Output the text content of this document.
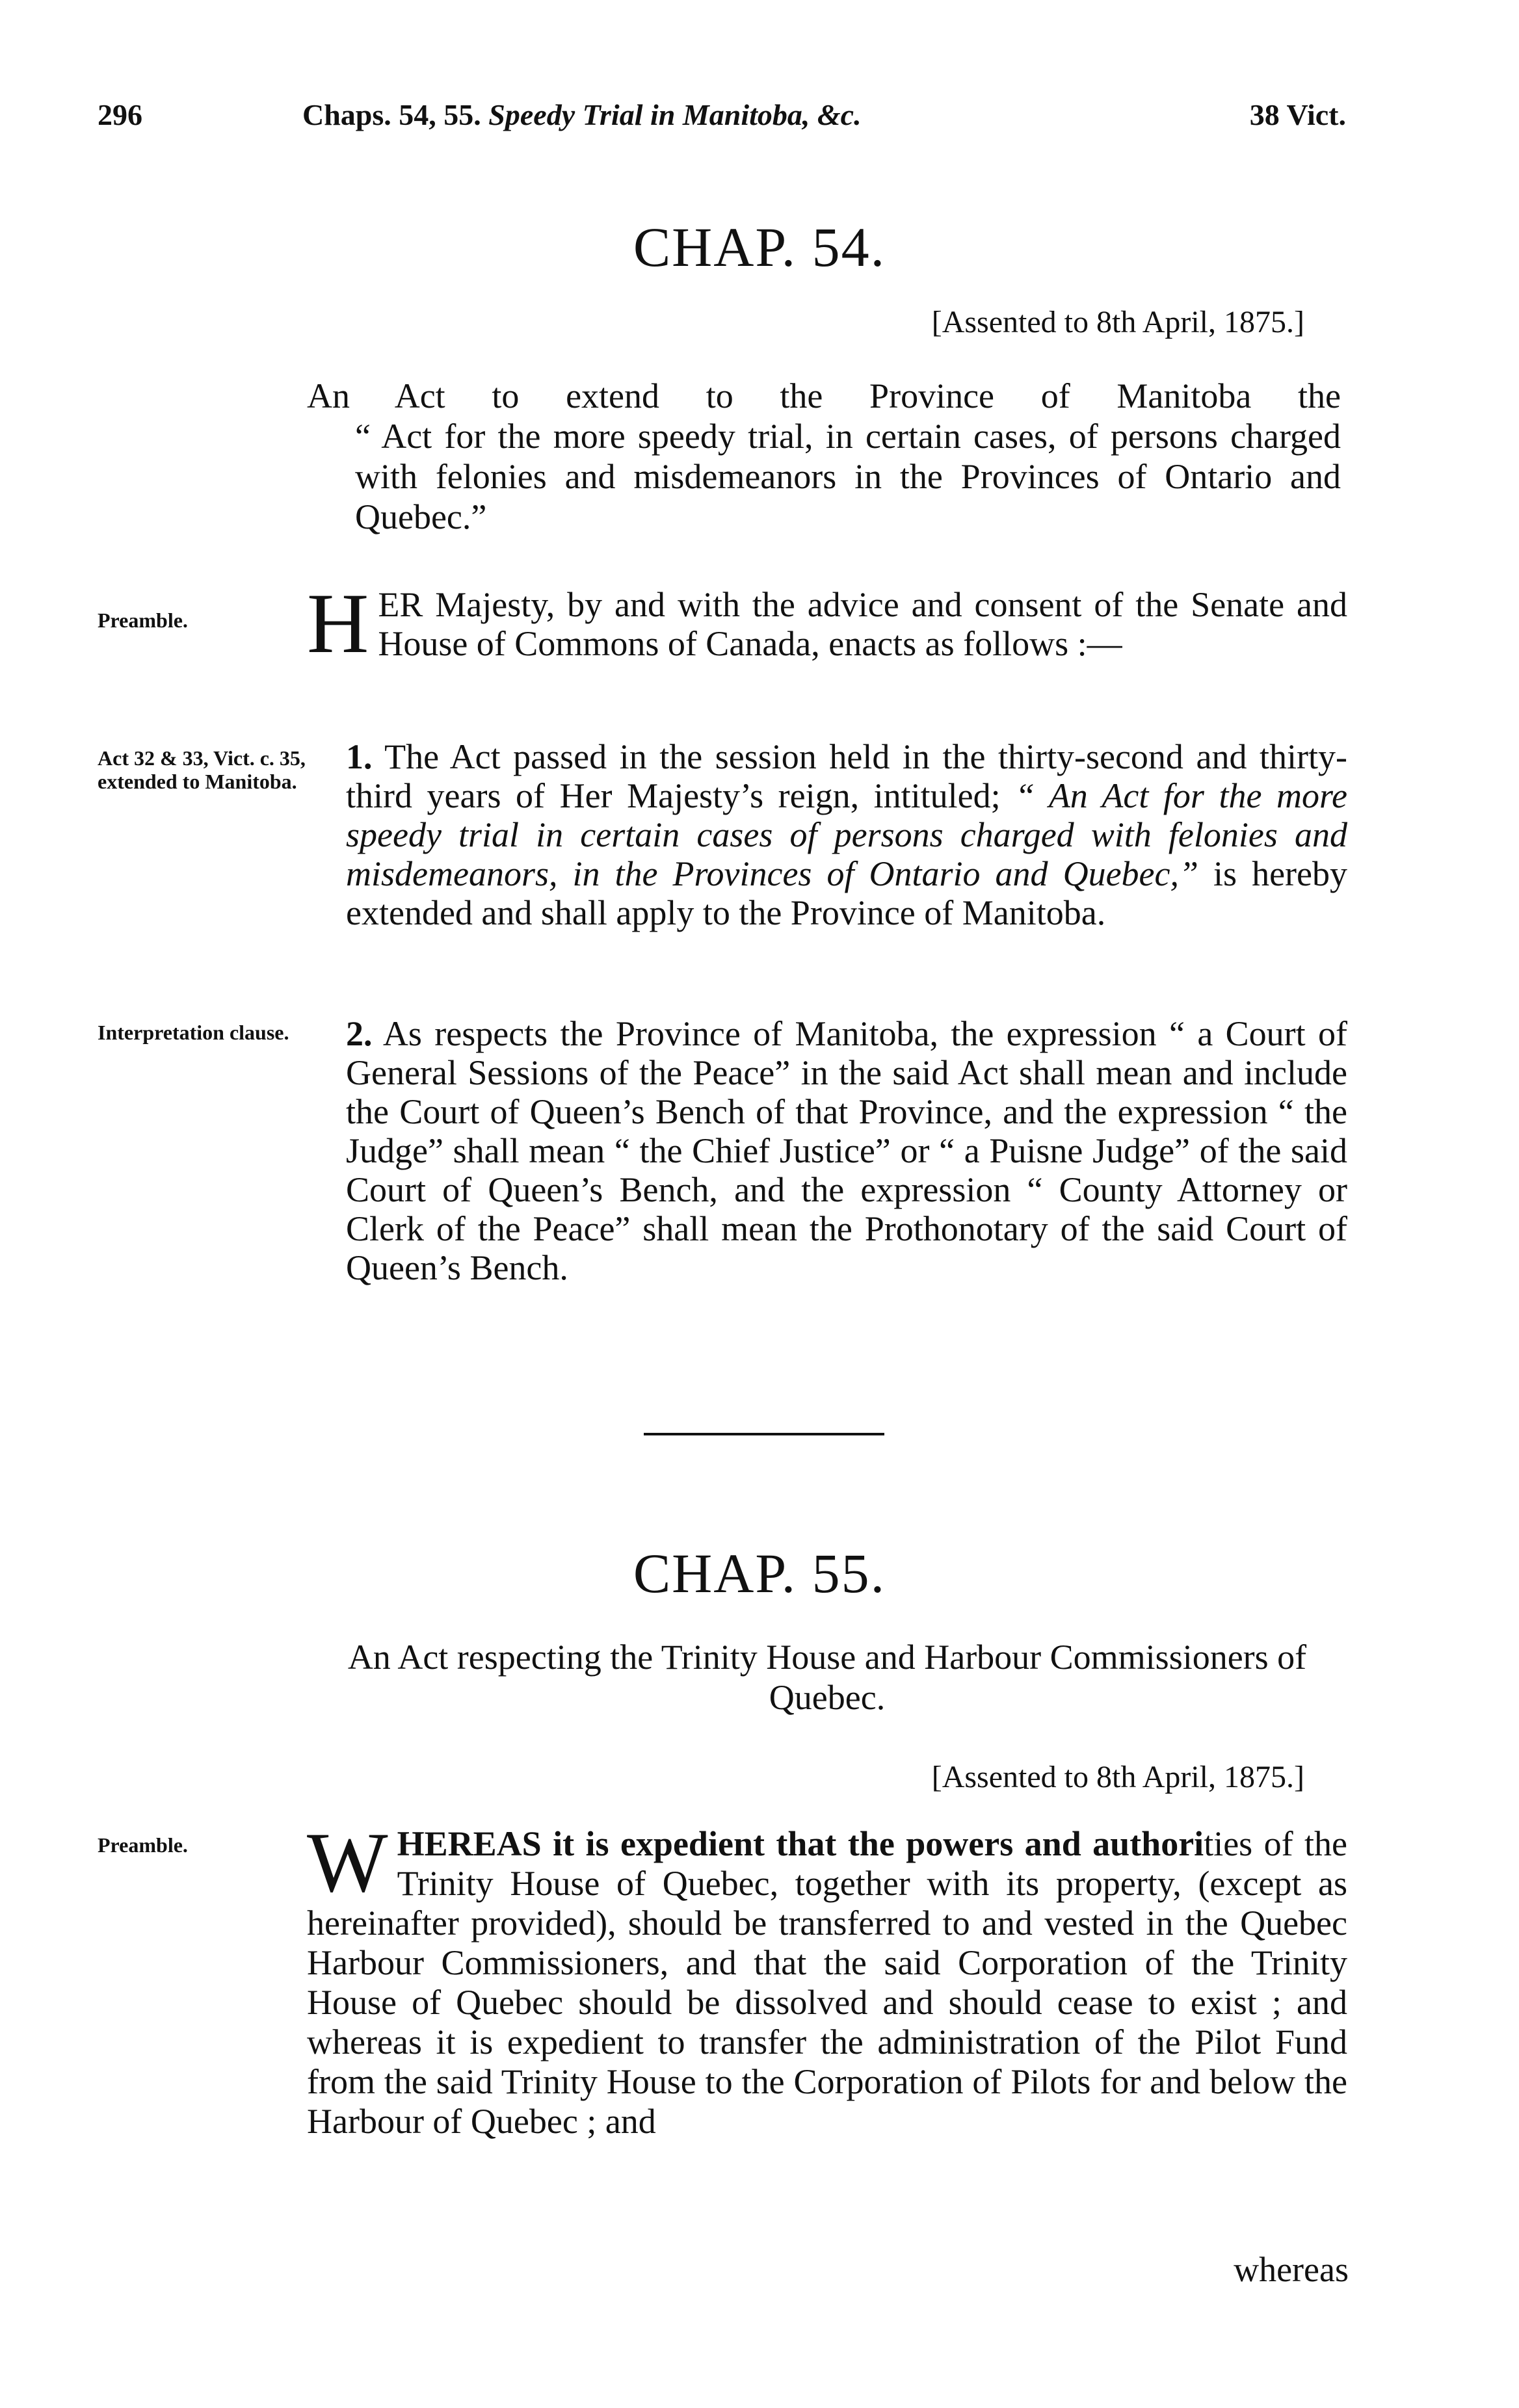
296	Chaps. 54, 55. Speedy Trial in Manitoba, &c.	38 Vict.
CHAP. 54.
[Assented to 8th April, 1875.]
An Act to extend to the Province of Manitoba the
“ Act for the more speedy trial, in certain cases, of persons charged with felonies and misdemeanors in the Provinces of Ontario and Quebec.”
Preamble.	HER Majesty, by and with the advice and consent of the Senate and House of Commons of Canada, enacts as follows :—
Act 32 & 33, Vict. c. 35, extended to Manitoba.
1. The Act passed in the session held in the thirty-second and thirty-third years of Her Majesty’s reign, intituled; “ An Act for the more speedy trial in certain cases of persons charged with felonies and misdemeanors, in the Provinces of Ontario and Quebec,” is hereby extended and shall apply to the Province of Manitoba.
Interpretation clause.	2. As respects the Province of Manitoba, the expression “ a Court of General Sessions of the Peace” in the said Act shall mean and include the Court of Queen’s Bench of that Province, and the expression “ the Judge” shall mean “ the Chief Justice” or “ a Puisne Judge” of the said Court of Queen’s Bench, and the expression “ County Attorney or Clerk of the Peace” shall mean the Prothonotary of the said Court of Queen’s Bench.
CHAP. 55.
An Act respecting the Trinity House and Harbour Commissioners of Quebec.
[Assented to 8th April, 1875.]
Preamble.	WHEREAS it is expedient that the powers and authorities of the Trinity House of Quebec, together with its property, (except as hereinafter provided), should be transferred to and vested in the Quebec Harbour Commissioners, and that the said Corporation of the Trinity House of Quebec should be dissolved and should cease to exist ; and whereas it is expedient to transfer the administration of the Pilot Fund from the said Trinity House to the Corporation of Pilots for and below the Harbour of Quebec ; and
whereas
